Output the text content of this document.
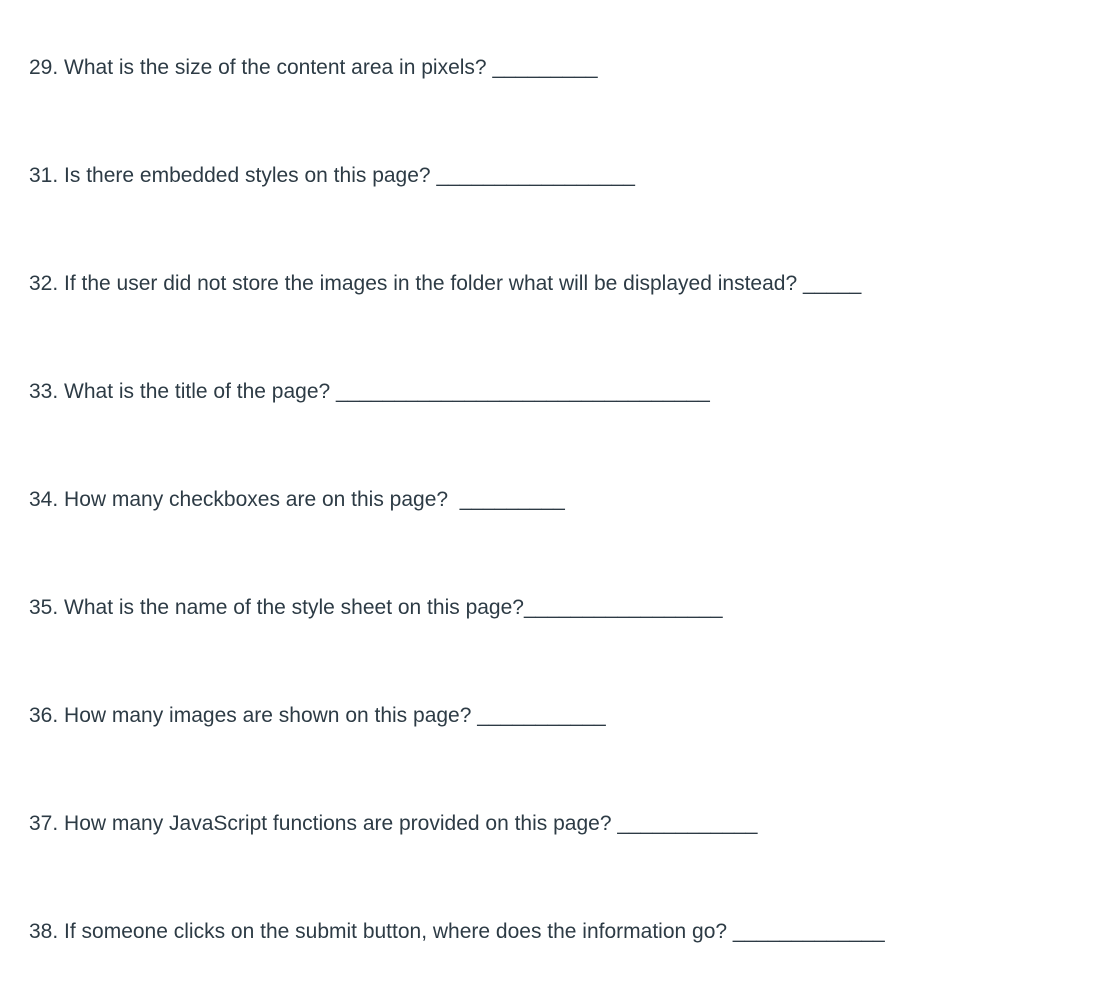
29. What is the size of the content area in pixels? _________
31. Is there embedded styles on this page? _________________
32. If the user did not store the images in the folder what will be displayed instead? _____
33. What is the title of the page? ________________________________
34. How many checkboxes are on this page?  _________
35. What is the name of the style sheet on this page?_________________
36. How many images are shown on this page? ___________
37. How many JavaScript functions are provided on this page? ____________
38. If someone clicks on the submit button, where does the information go? _____________
